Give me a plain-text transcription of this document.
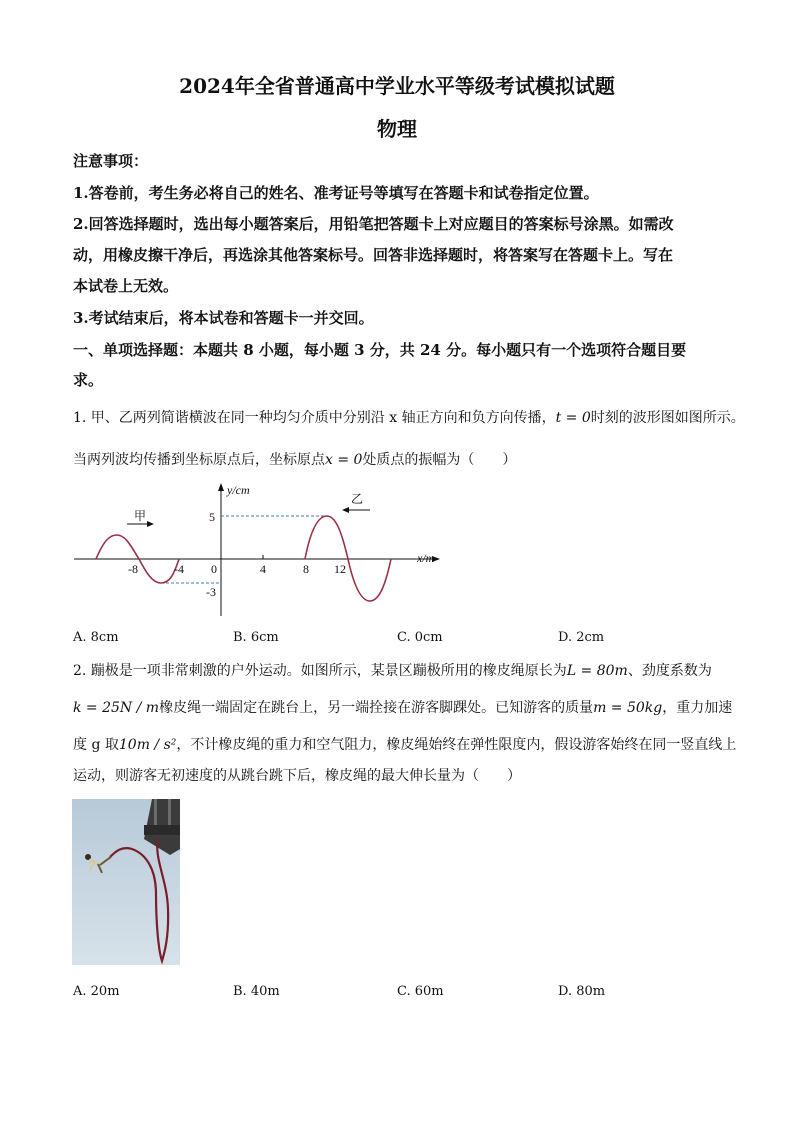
2024年全省普通高中学业水平等级考试模拟试题
物理
注意事项：
1.答卷前，考生务必将自己的姓名、准考证号等填写在答题卡和试卷指定位置。
2.回答选择题时，选出每小题答案后，用铅笔把答题卡上对应题目的答案标号涂黑。如需改
动，用橡皮擦干净后，再选涂其他答案标号。回答非选择题时，将答案写在答题卡上。写在
本试卷上无效。
3.考试结束后，将本试卷和答题卡一并交回。
一、单项选择题：本题共 8 小题，每小题 3 分，共 24 分。每小题只有一个选项符合题目要
求。
1. 甲、乙两列简谐横波在同一种均匀介质中分别沿 x 轴正方向和负方向传播，t = 0时刻的波形图如图所示。
当两列波均传播到坐标原点后，坐标原点x = 0处质点的振幅为（　　）
甲
乙
y/cm
x/m
-8	-4 0	4	8 12
5
-3
A. 8cm	B. 6cm	C. 0cm	D. 2cm
2. 蹦极是一项非常刺激的户外运动。如图所示，某景区蹦极所用的橡皮绳原长为L = 80m、劲度系数为
k = 25N / m橡皮绳一端固定在跳台上，另一端拴接在游客脚踝处。已知游客的质量m = 50kg，重力加速
度 g 取10m / s²，不计橡皮绳的重力和空气阻力，橡皮绳始终在弹性限度内，假设游客始终在同一竖直线上
运动，则游客无初速度的从跳台跳下后，橡皮绳的最大伸长量为（　　）
A. 20m	B. 40m	C. 60m	D. 80m
